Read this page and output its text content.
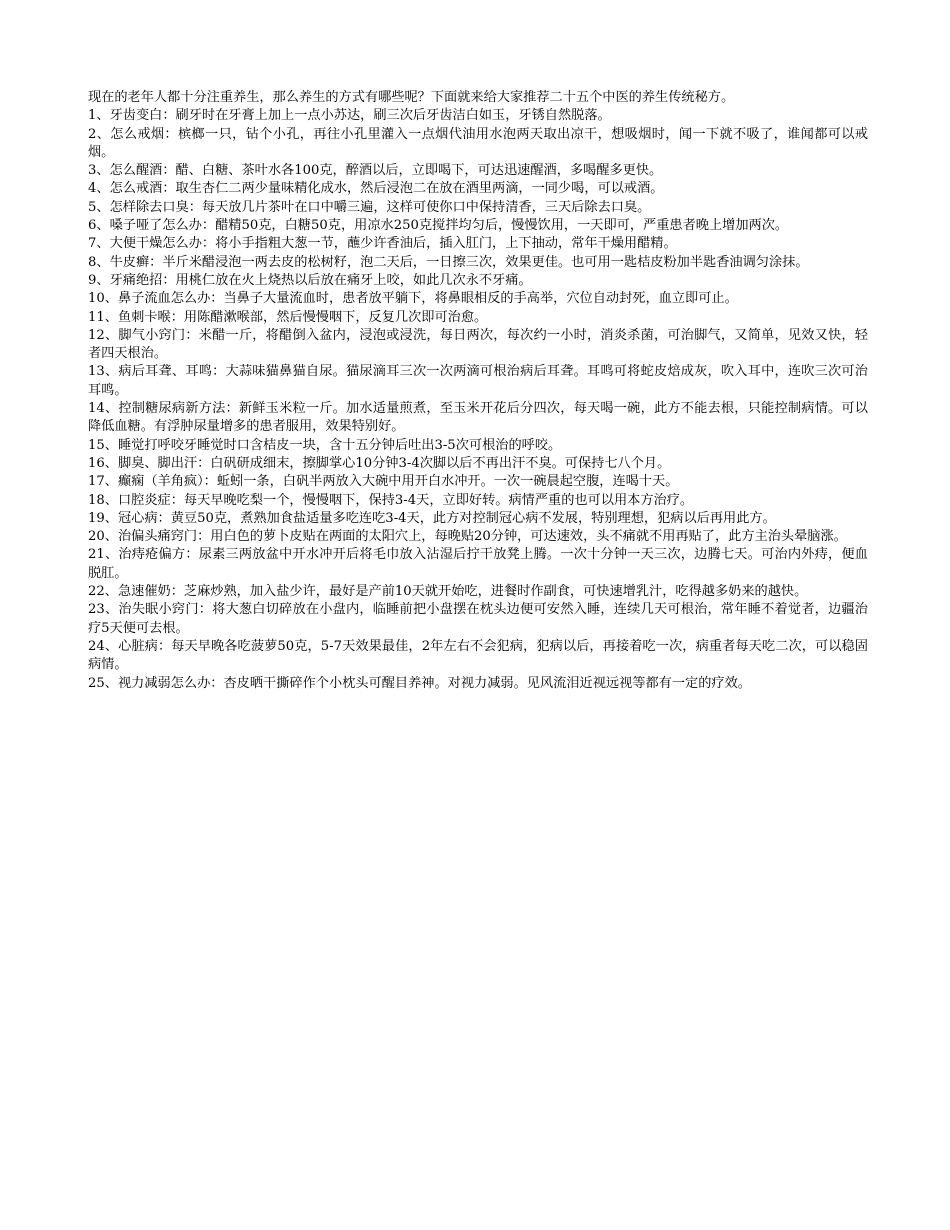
现在的老年人都十分注重养生，那么养生的方式有哪些呢？下面就来给大家推荐二十五个中医的养生传统秘方。

1、牙齿变白：刷牙时在牙膏上加上一点小苏达，刷三次后牙齿洁白如玉，牙锈自然脱落。

2、怎么戒烟：槟榔一只，钻个小孔，再往小孔里灌入一点烟代油用水泡两天取出凉干，想吸烟时，闻一下就不吸了，谁闻都可以戒烟。

3、怎么醒酒：醋、白糖、茶叶水各100克，醉酒以后，立即喝下，可达迅速醒酒，多喝醒多更快。

4、怎么戒酒：取生杏仁二两少量味精化成水，然后浸泡二在放在酒里两滴，一同少喝，可以戒酒。

5、怎样除去口臭：每天放几片茶叶在口中嚼三遍，这样可使你口中保持清香，三天后除去口臭。

6、嗓子哑了怎么办：醋精50克，白糖50克，用凉水250克搅拌均匀后，慢慢饮用，一天即可，严重患者晚上增加两次。

7、大便干燥怎么办：将小手指粗大葱一节，蘸少许香油后，插入肛门，上下抽动，常年干燥用醋精。

8、牛皮癣：半斤米醋浸泡一两去皮的松树籽，泡二天后，一日擦三次，效果更佳。也可用一匙桔皮粉加半匙香油调匀涂抹。

9、牙痛绝招：用桃仁放在火上烧热以后放在痛牙上咬，如此几次永不牙痛。

10、鼻子流血怎么办：当鼻子大量流血时，患者放平躺下，将鼻眼相反的手高举，穴位自动封死，血立即可止。

11、鱼刺卡喉：用陈醋漱喉部，然后慢慢咽下，反复几次即可治愈。

12、脚气小窍门：米醋一斤，将醋倒入盆内，浸泡或浸洗，每日两次，每次约一小时，消炎杀菌，可治脚气，又简单，见效又快，轻者四天根治。

13、病后耳聋、耳鸣：大蒜味猫鼻猫自尿。猫尿滴耳三次一次两滴可根治病后耳聋。耳鸣可将蛇皮焙成灰，吹入耳中，连吹三次可治耳鸣。

14、控制糖尿病新方法：新鲜玉米粒一斤。加水适量煎煮，至玉米开花后分四次，每天喝一碗，此方不能去根，只能控制病情。可以降低血糖。有浮肿尿量增多的患者服用，效果特别好。

15、睡觉打呼咬牙睡觉时口含桔皮一块，含十五分钟后吐出3-5次可根治的呼咬。

16、脚臭、脚出汗：白矾研成细末，擦脚掌心10分钟3-4次脚以后不再出汗不臭。可保持七八个月。

17、癫痫（羊角疯）：蚯蚓一条，白矾半两放入大碗中用开白水冲开。一次一碗晨起空腹，连喝十天。

18、口腔炎症：每天早晚吃梨一个，慢慢咽下，保持3-4天，立即好转。病情严重的也可以用本方治疗。

19、冠心病：黄豆50克，煮熟加食盐适量多吃连吃3-4天，此方对控制冠心病不发展，特别理想，犯病以后再用此方。

20、治偏头痛窍门：用白色的萝卜皮贴在两面的太阳穴上，每晚贴20分钟，可达速效，头不痛就不用再贴了，此方主治头晕脑涨。

21、治痔疮偏方：尿素三两放盆中开水冲开后将毛巾放入沾湿后拧干放凳上腾。一次十分钟一天三次，边腾七天。可治内外痔，便血脱肛。

22、急速催奶：芝麻炒熟，加入盐少许，最好是产前10天就开始吃，进餐时作副食，可快速增乳汁，吃得越多奶来的越快。

23、治失眠小窍门：将大葱白切碎放在小盘内，临睡前把小盘摆在枕头边便可安然入睡，连续几天可根治，常年睡不着觉者，边疆治疗5天便可去根。

24、心脏病：每天早晚各吃菠萝50克，5-7天效果最佳，2年左右不会犯病，犯病以后，再接着吃一次，病重者每天吃二次，可以稳固病情。

25、视力减弱怎么办：杏皮晒干撕碎作个小枕头可醒目养神。对视力减弱。见风流泪近视远视等都有一定的疗效。
